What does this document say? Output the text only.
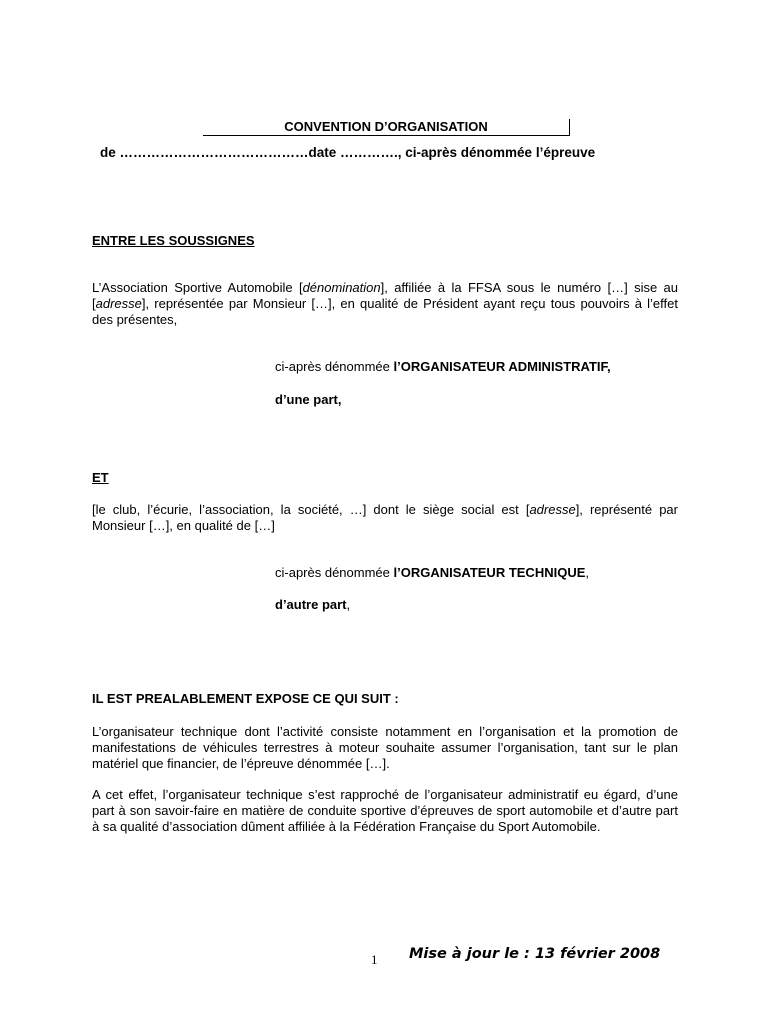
CONVENTION D’ORGANISATION
de ……………………………………date …………., ci-après dénommée l’épreuve
ENTRE LES SOUSSIGNES

L’Association Sportive Automobile [dénomination], affiliée à la FFSA sous le numéro […] sise au [adresse], représentée par Monsieur […], en qualité de Président ayant reçu tous pouvoirs à l’effet des présentes,

ci-après dénommée l’ORGANISATEUR ADMINISTRATIF,
d’une part,
ET

[le club, l’écurie, l’association, la société, …] dont le siège social est [adresse], représenté par Monsieur […], en qualité de […]

ci-après dénommée l’ORGANISATEUR TECHNIQUE,
d’autre part,
IL EST PREALABLEMENT EXPOSE CE QUI SUIT :
L’organisateur technique dont l’activité consiste notamment en l’organisation et la promotion de manifestations de véhicules terrestres à moteur souhaite assumer l’organisation, tant sur le plan matériel que financier, de l’épreuve dénommée […].
A cet effet, l’organisateur technique s’est rapproché de l’organisateur administratif eu égard, d’une part à son savoir-faire en matière de conduite sportive d’épreuves de sport automobile et d’autre part à sa qualité d’association dûment affiliée à la Fédération Française du Sport Automobile.
1 Mise à jour le : 13 février 2008
